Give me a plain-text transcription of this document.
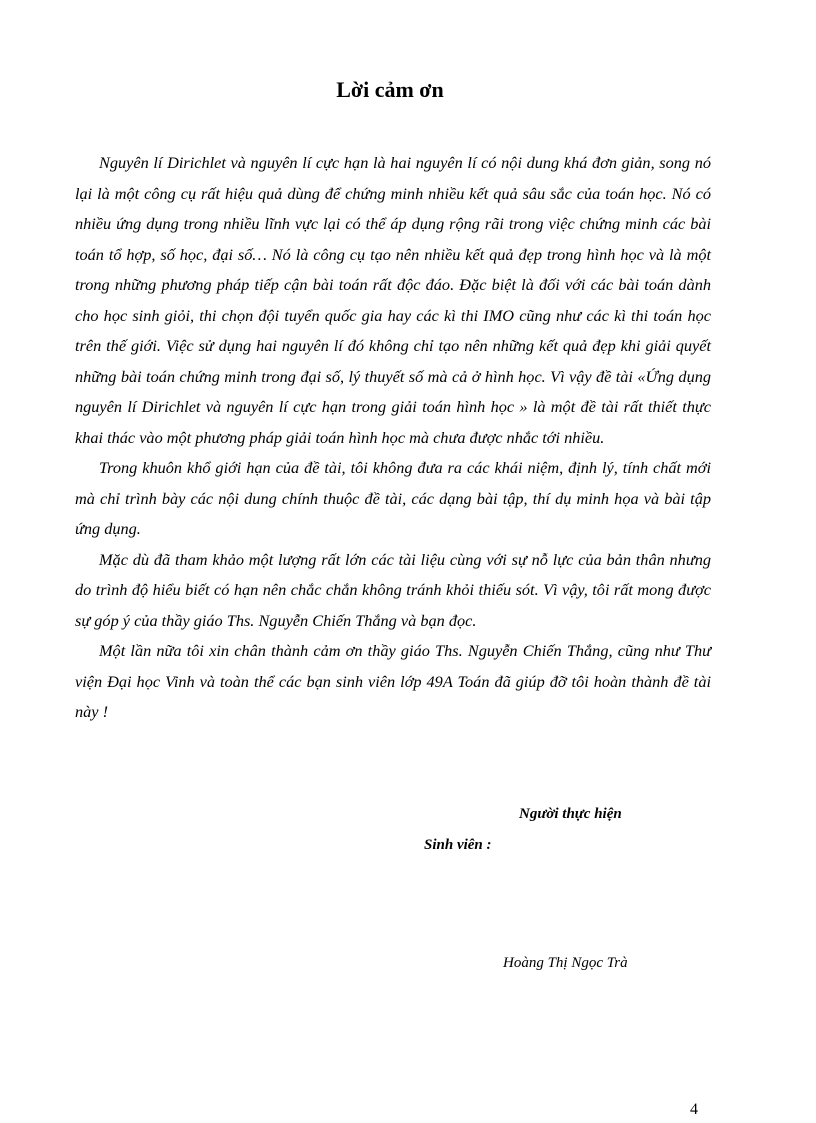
Lời cảm ơn

Nguyên lí Dirichlet và nguyên lí cực hạn là hai nguyên lí có nội dung khá đơn giản, song nó lại là một công cụ rất hiệu quả dùng để chứng minh nhiều kết quả sâu sắc của toán học. Nó có nhiều ứng dụng trong nhiều lĩnh vực lại có thể áp dụng rộng rãi trong việc chứng minh các bài toán tổ hợp, số học, đại số… Nó là công cụ tạo nên nhiều kết quả đẹp trong hình học và là một trong những phương pháp tiếp cận bài toán rất độc đáo. Đặc biệt là đối với các bài toán dành cho học sinh giỏi, thi chọn đội tuyển quốc gia hay các kì thi IMO cũng như các kì thi toán học trên thế giới. Việc sử dụng hai nguyên lí đó không chỉ tạo nên những kết quả đẹp khi giải quyết những bài toán chứng minh trong đại số, lý thuyết số mà cả ở hình học. Vì vậy đề tài «Ứng dụng nguyên lí Dirichlet và nguyên lí cực hạn trong giải toán hình học » là một đề tài rất thiết thực khai thác vào một phương pháp giải toán hình học mà chưa được nhắc tới nhiều.

Trong khuôn khổ giới hạn của đề tài, tôi không đưa ra các khái niệm, định lý, tính chất mới mà chỉ trình bày các nội dung chính thuộc đề tài, các dạng bài tập, thí dụ minh họa và bài tập ứng dụng.

Mặc dù đã tham khảo một lượng rất lớn các tài liệu cùng với sự nỗ lực của bản thân nhưng do trình độ hiểu biết có hạn nên chắc chắn không tránh khỏi thiếu sót. Vì vậy, tôi rất mong được sự góp ý của thầy giáo Ths. Nguyễn Chiến Thắng và bạn đọc.

Một lần nữa tôi xin chân thành cảm ơn thầy giáo Ths. Nguyễn Chiến Thắng, cũng như Thư viện Đại học Vinh và toàn thể các bạn sinh viên lớp 49A Toán đã giúp đỡ tôi hoàn thành đề tài này !

Người thực hiện
Sinh viên :
Hoàng Thị Ngọc Trà
4
